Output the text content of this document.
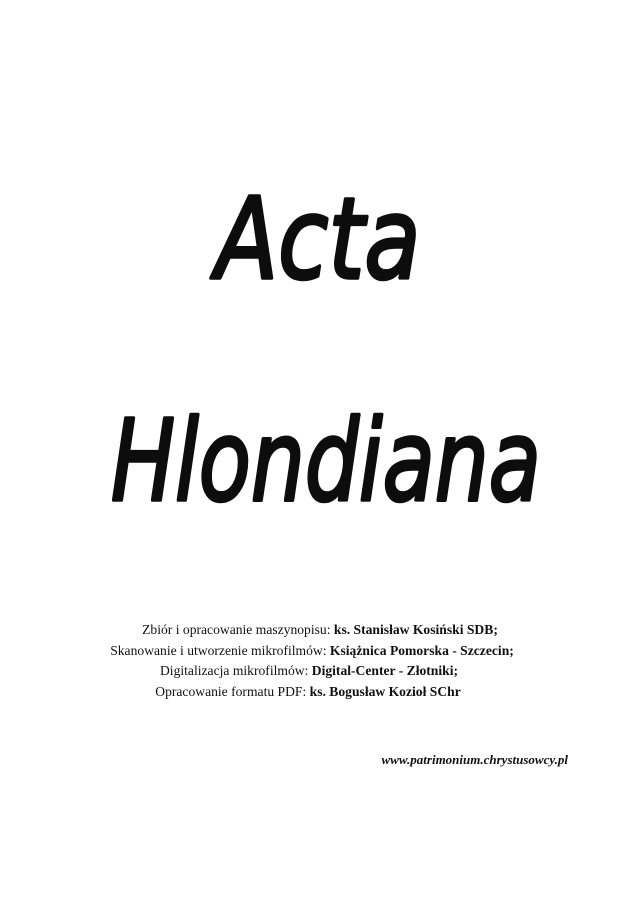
Acta
Hlondiana
Zbiór i opracowanie maszynopisu: ks. Stanisław Kosiński SDB;
Skanowanie i utworzenie mikrofilmów: Książnica Pomorska - Szczecin;
Digitalizacja mikrofilmów: Digital-Center - Złotniki;
Opracowanie formatu PDF: ks. Bogusław Kozioł SChr
www.patrimonium.chrystusowcy.pl
